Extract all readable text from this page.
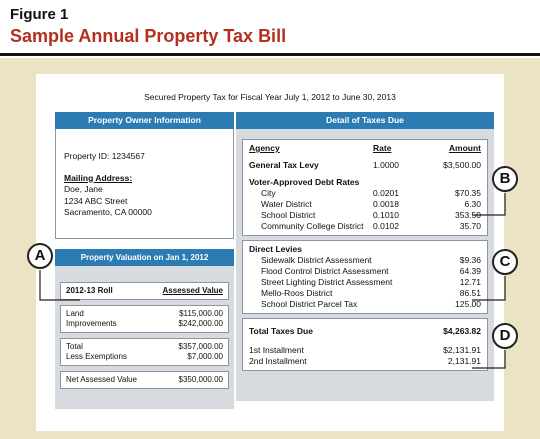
Figure 1
Sample Annual Property Tax Bill
Secured Property Tax for Fiscal Year July 1, 2012 to June 30, 2013
Property Owner Information
Property ID: 1234567
Mailing Address:
Doe, Jane
1234 ABC Street
Sacramento, CA 00000
Property Valuation on Jan 1, 2012
2012-13 Roll	Assessed Value
Land	$115,000.00
Improvements	$242,000.00
Total	$357,000.00
Less Exemptions	$7,000.00
Net Assessed Value	$350,000.00
Detail of Taxes Due
Agency	Rate	Amount
General Tax Levy	1.0000	$3,500.00
Voter-Approved Debt Rates
City	0.0201	$70.35
Water District	0.0018	6.30
School District	0.1010	353.50
Community College District	0.0102	35.70
Direct Levies
Sidewalk District Assessment	$9.36
Flood Control District Assessment	64.39
Street Lighting District Assessment	12.71
Mello-Roos District	86.51
School District Parcel Tax	125.00
Total Taxes Due	$4,263.82
1st Installment	$2,131.91
2nd Installment	2,131.91
A
B
C
D
